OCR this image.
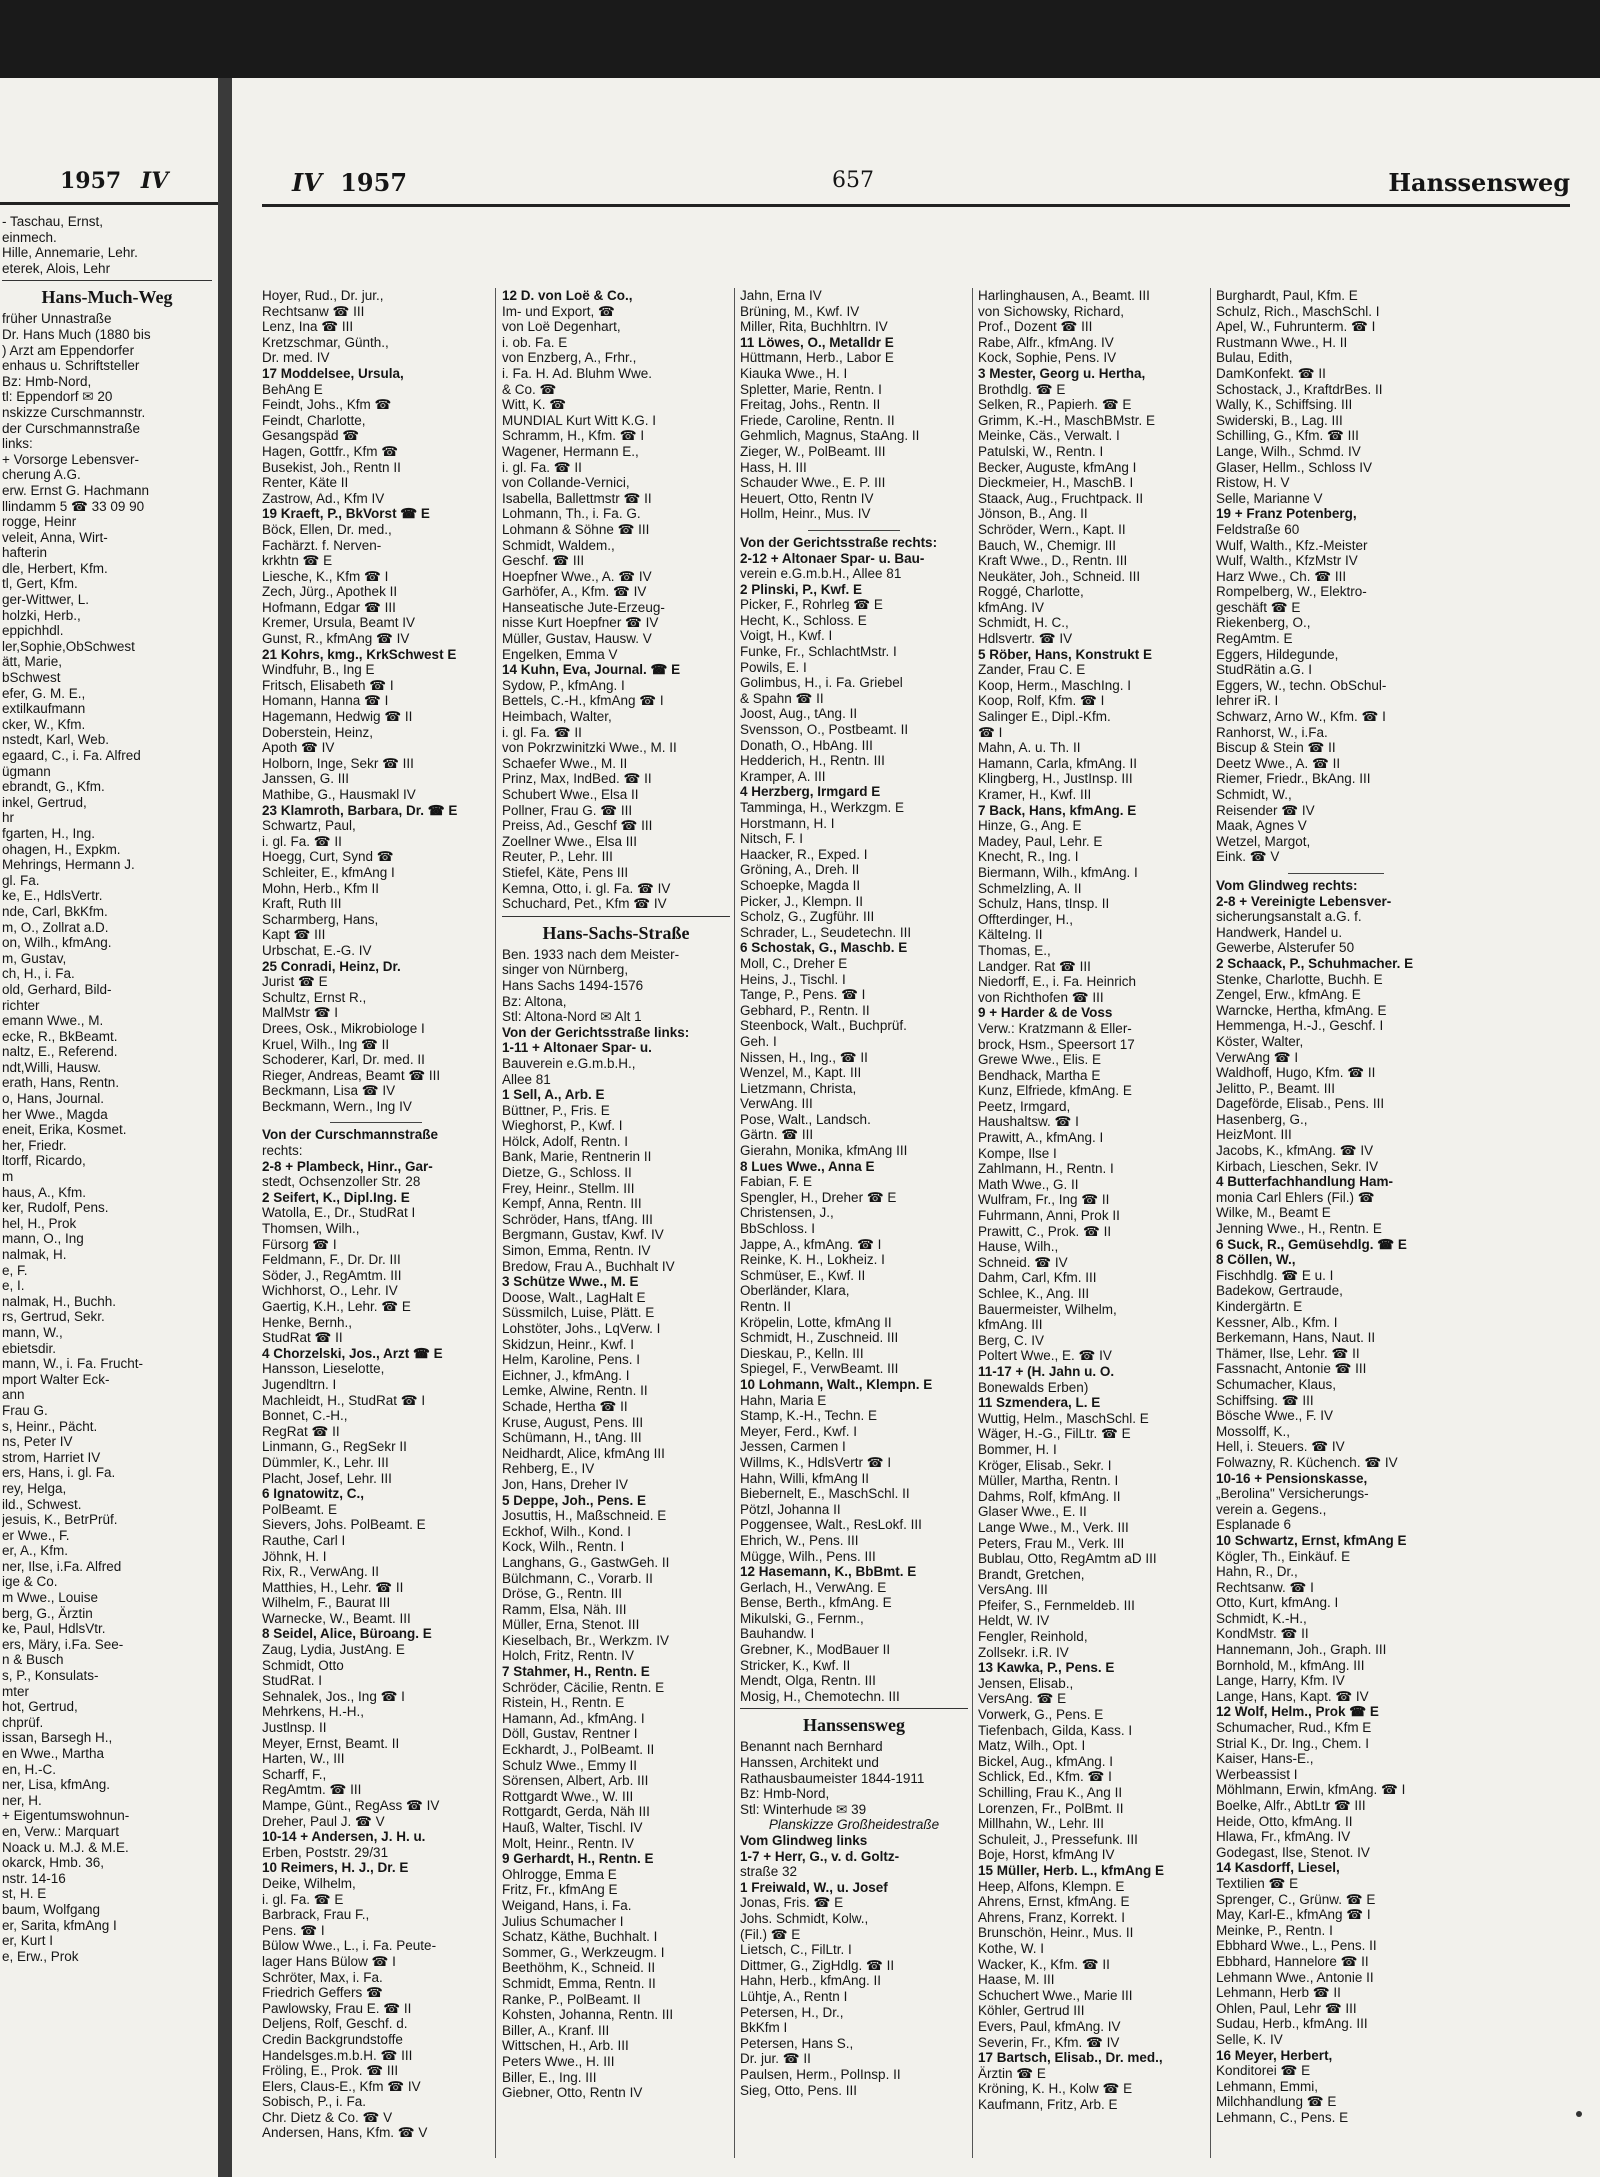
1957 IV
- Taschau, Ernst,
einmech.
Hille, Annemarie, Lehr.
eterek, Alois, Lehr
Hans-Much-Weg
früher Unnastraße
Dr. Hans Much (1880 bis
) Arzt am Eppendorfer
enhaus u. Schriftsteller
Bz: Hmb-Nord,
tl: Eppendorf ✉ 20
nskizze Curschmannstr.
der Curschmannstraße
links:
+ Vorsorge Lebensver-
cherung A.G.
erw. Ernst G. Hachmann
llindamm 5 ☎ 33 09 90
rogge, Heinr
veleit, Anna, Wirt-
hafterin
dle, Herbert, Kfm.
tl, Gert, Kfm.
ger-Wittwer, L.
holzki, Herb.,
eppichhdl.
ler,Sophie,ObSchwest
ätt, Marie,
bSchwest
efer, G. M. E.,
extilkaufmann
cker, W., Kfm.
nstedt, Karl, Web.
egaard, C., i. Fa. Alfred
ügmann
ebrandt, G., Kfm.
inkel, Gertrud,
hr
fgarten, H., Ing.
ohagen, H., Expkm.
Mehrings, Hermann J.
gl. Fa.
ke, E., HdlsVertr.
nde, Carl, BkKfm.
m, O., Zollrat a.D.
on, Wilh., kfmAng.
m, Gustav,
ch, H., i. Fa.
old, Gerhard, Bild-
richter
emann Wwe., M.
ecke, R., BkBeamt.
naltz, E., Referend.
ndt,Willi, Hausw.
erath, Hans, Rentn.
o, Hans, Journal.
her Wwe., Magda
eneit, Erika, Kosmet.
her, Friedr.
ltorff, Ricardo,
m
haus, A., Kfm.
ker, Rudolf, Pens.
hel, H., Prok
mann, O., Ing
nalmak, H.
e, F.
e, I.
nalmak, H., Buchh.
rs, Gertrud, Sekr.
mann, W.,
ebietsdir.
mann, W., i. Fa. Frucht-
mport Walter Eck-
ann
Frau G.
s, Heinr., Pächt.
ns, Peter IV
strom, Harriet IV
ers, Hans, i. gl. Fa.
rey, Helga,
ild., Schwest.
jesuis, K., BetrPrüf.
er Wwe., F.
er, A., Kfm.
ner, Ilse, i.Fa. Alfred
ige & Co.
m Wwe., Louise
berg, G., Ärztin
ke, Paul, HdlsVtr.
ers, Märy, i.Fa. See-
n & Busch
s, P., Konsulats-
mter
hot, Gertrud,
chprüf.
issan, Barsegh H.,
en Wwe., Martha
en, H.-C.
ner, Lisa, kfmAng.
ner, H.
+ Eigentumswohnun-
en, Verw.: Marquart
Noack u. M.J. & M.E.
okarck, Hmb. 36,
nstr. 14-16
st, H. E
baum, Wolfgang
er, Sarita, kfmAng I
er, Kurt I
e, Erw., Prok
IV 1957	657	Hanssensweg
Hoyer, Rud., Dr. jur.,
Rechtsanw ☎ III
Lenz, Ina ☎ III
Kretzschmar, Günth.,
Dr. med. IV
17 Moddelsee, Ursula,
BehAng E
Feindt, Johs., Kfm ☎
Feindt, Charlotte,
Gesangspäd ☎
Hagen, Gottfr., Kfm ☎
Busekist, Joh., Rentn II
Renter, Käte II
Zastrow, Ad., Kfm IV
19 Kraeft, P., BkVorst ☎ E
Böck, Ellen, Dr. med.,
Fachärzt. f. Nerven-
krkhtn ☎ E
Liesche, K., Kfm ☎ I
Zech, Jürg., Apothek II
Hofmann, Edgar ☎ III
Kremer, Ursula, Beamt IV
Gunst, R., kfmAng ☎ IV
21 Kohrs, kmg., KrkSchwest E
Windfuhr, B., Ing E
Fritsch, Elisabeth ☎ I
Homann, Hanna ☎ I
Hagemann, Hedwig ☎ II
Doberstein, Heinz,
Apoth ☎ IV
Holborn, Inge, Sekr ☎ III
Janssen, G. III
Mathibe, G., Hausmakl IV
23 Klamroth, Barbara, Dr. ☎ E
Schwartz, Paul,
i. gl. Fa. ☎ II
Hoegg, Curt, Synd ☎
Schleiter, E., kfmAng I
Mohn, Herb., Kfm II
Kraft, Ruth III
Scharmberg, Hans,
Kapt ☎ III
Urbschat, E.-G. IV
25 Conradi, Heinz, Dr.
Jurist ☎ E
Schultz, Ernst R.,
MalMstr ☎ I
Drees, Osk., Mikrobiologe I
Kruel, Wilh., Ing ☎ II
Schoderer, Karl, Dr. med. II
Rieger, Andreas, Beamt ☎ III
Beckmann, Lisa ☎ IV
Beckmann, Wern., Ing IV
Von der Curschmannstraße
rechts:
2-8 + Plambeck, Hinr., Gar-
stedt, Ochsenzoller Str. 28
2 Seifert, K., Dipl.Ing. E
Watolla, E., Dr., StudRat I
Thomsen, Wilh.,
Fürsorg ☎ I
Feldmann, F., Dr. Dr. III
Söder, J., RegAmtm. III
Wichhorst, O., Lehr. IV
Gaertig, K.H., Lehr. ☎ E
Henke, Bernh.,
StudRat ☎ II
4 Chorzelski, Jos., Arzt ☎ E
Hansson, Lieselotte,
Jugendltrn. I
Machleidt, H., StudRat ☎ I
Bonnet, C.-H.,
RegRat ☎ II
Linmann, G., RegSekr II
Dümmler, K., Lehr. III
Placht, Josef, Lehr. III
6 Ignatowitz, C.,
PolBeamt. E
Sievers, Johs. PolBeamt. E
Rauthe, Carl I
Jöhnk, H. I
Rix, R., VerwAng. II
Matthies, H., Lehr. ☎ II
Wilhelm, F., Baurat III
Warnecke, W., Beamt. III
8 Seidel, Alice, Büroang. E
Zaug, Lydia, JustAng. E
Schmidt, Otto
StudRat. I
Sehnalek, Jos., Ing ☎ I
Mehrkens, H.-H.,
Justlnsp. II
Meyer, Ernst, Beamt. II
Harten, W., III
Scharff, F.,
RegAmtm. ☎ III
Mampe, Günt., RegAss ☎ IV
Dreher, Paul J. ☎ V
10-14 + Andersen, J. H. u.
Erben, Poststr. 29/31
10 Reimers, H. J., Dr. E
Deike, Wilhelm,
i. gl. Fa. ☎ E
Barbrack, Frau F.,
Pens. ☎ I
Bülow Wwe., L., i. Fa. Peute-
lager Hans Bülow ☎ I
Schröter, Max, i. Fa.
Friedrich Geffers ☎
Pawlowsky, Frau E. ☎ II
Deljens, Rolf, Geschf. d.
Credin Backgrundstoffe
Handelsges.m.b.H. ☎ III
Fröling, E., Prok. ☎ III
Elers, Claus-E., Kfm ☎ IV
Sobisch, P., i. Fa.
Chr. Dietz & Co. ☎ V
Andersen, Hans, Kfm. ☎ V
12 D. von Loë & Co.,
Im- und Export, ☎
von Loë Degenhart,
i. ob. Fa. E
von Enzberg, A., Frhr.,
i. Fa. H. Ad. Bluhm Wwe.
& Co. ☎
Witt, K. ☎
MUNDIAL Kurt Witt K.G. I
Schramm, H., Kfm. ☎ I
Wagener, Hermann E.,
i. gl. Fa. ☎ II
von Collande-Vernici,
Isabella, Ballettmstr ☎ II
Lohmann, Th., i. Fa. G.
Lohmann & Söhne ☎ III
Schmidt, Waldem.,
Geschf. ☎ III
Hoepfner Wwe., A. ☎ IV
Garhöfer, A., Kfm. ☎ IV
Hanseatische Jute-Erzeug-
nisse Kurt Hoepfner ☎ IV
Müller, Gustav, Hausw. V
Engelken, Emma V
14 Kuhn, Eva, Journal. ☎ E
Sydow, P., kfmAng. I
Bettels, C.-H., kfmAng ☎ I
Heimbach, Walter,
i. gl. Fa. ☎ II
von Pokrzwinitzki Wwe., M. II
Schaefer Wwe., M. II
Prinz, Max, IndBed. ☎ II
Schubert Wwe., Elsa II
Pollner, Frau G. ☎ III
Preiss, Ad., Geschf ☎ III
Zoellner Wwe., Elsa III
Reuter, P., Lehr. III
Stiefel, Käte, Pens III
Kemna, Otto, i. gl. Fa. ☎ IV
Schuchard, Pet., Kfm ☎ IV
Hans-Sachs-Straße
Ben. 1933 nach dem Meister-
singer von Nürnberg,
Hans Sachs 1494-1576
Bz: Altona,
Stl: Altona-Nord ✉ Alt 1
Von der Gerichtsstraße links:
1-11 + Altonaer Spar- u.
Bauverein e.G.m.b.H.,
Allee 81
1 Sell, A., Arb. E
Büttner, P., Fris. E
Wieghorst, P., Kwf. I
Hölck, Adolf, Rentn. I
Bank, Marie, Rentnerin II
Dietze, G., Schloss. II
Frey, Heinr., Stellm. III
Kempf, Anna, Rentn. III
Schröder, Hans, tfAng. III
Bergmann, Gustav, Kwf. IV
Simon, Emma, Rentn. IV
Bredow, Frau A., Buchhalt IV
3 Schütze Wwe., M. E
Doose, Walt., LagHalt E
Süssmilch, Luise, Plätt. E
Lohstöter, Johs., LqVerw. I
Skidzun, Heinr., Kwf. I
Helm, Karoline, Pens. I
Eichner, J., kfmAng. I
Lemke, Alwine, Rentn. II
Schade, Hertha ☎ II
Kruse, August, Pens. III
Schümann, H., tAng. III
Neidhardt, Alice, kfmAng III
Rehberg, E., IV
Jon, Hans, Dreher IV
5 Deppe, Joh., Pens. E
Josuttis, H., Maßschneid. E
Eckhof, Wilh., Kond. I
Kock, Wilh., Rentn. I
Langhans, G., GastwGeh. II
Bülchmann, C., Vorarb. II
Dröse, G., Rentn. III
Ramm, Elsa, Näh. III
Müller, Erna, Stenot. III
Kieselbach, Br., Werkzm. IV
Holch, Fritz, Rentn. IV
7 Stahmer, H., Rentn. E
Schröder, Cäcilie, Rentn. E
Ristein, H., Rentn. E
Hamann, Ad., kfmAng. I
Döll, Gustav, Rentner I
Eckhardt, J., PolBeamt. II
Schulz Wwe., Emmy II
Sörensen, Albert, Arb. III
Rottgardt Wwe., W. III
Rottgardt, Gerda, Näh III
Hauß, Walter, Tischl. IV
Molt, Heinr., Rentn. IV
9 Gerhardt, H., Rentn. E
Ohlrogge, Emma E
Fritz, Fr., kfmAng E
Weigand, Hans, i. Fa.
Julius Schumacher I
Schatz, Käthe, Buchhalt. I
Sommer, G., Werkzeugm. I
Beethöhm, K., Schneid. II
Schmidt, Emma, Rentn. II
Ranke, P., PolBeamt. II
Kohsten, Johanna, Rentn. III
Biller, A., Kranf. III
Wittschen, H., Arb. III
Peters Wwe., H. III
Biller, E., Ing. III
Giebner, Otto, Rentn IV
Jahn, Erna IV
Brüning, M., Kwf. IV
Miller, Rita, Buchhltrn. IV
11 Löwes, O., Metalldr E
Hüttmann, Herb., Labor E
Kiauka Wwe., H. I
Spletter, Marie, Rentn. I
Freitag, Johs., Rentn. II
Friede, Caroline, Rentn. II
Gehmlich, Magnus, StaAng. II
Zieger, W., PolBeamt. III
Hass, H. III
Schauder Wwe., E. P. III
Heuert, Otto, Rentn IV
Hollm, Heinr., Mus. IV
Von der Gerichtsstraße rechts:
2-12 + Altonaer Spar- u. Bau-
verein e.G.m.b.H., Allee 81
2 Plinski, P., Kwf. E
Picker, F., Rohrleg ☎ E
Hecht, K., Schloss. E
Voigt, H., Kwf. I
Funke, Fr., SchlachtMstr. I
Powils, E. I
Golimbus, H., i. Fa. Griebel
& Spahn ☎ II
Joost, Aug., tAng. II
Svensson, O., Postbeamt. II
Donath, O., HbAng. III
Hedderich, H., Rentn. III
Kramper, A. III
4 Herzberg, Irmgard E
Tamminga, H., Werkzgm. E
Horstmann, H. I
Nitsch, F. I
Haacker, R., Exped. I
Gröning, A., Dreh. II
Schoepke, Magda II
Picker, J., Klempn. II
Scholz, G., Zugführ. III
Schrader, L., Seudetechn. III
6 Schostak, G., Maschb. E
Moll, C., Dreher E
Heins, J., Tischl. I
Tange, P., Pens. ☎ I
Gebhard, P., Rentn. II
Steenbock, Walt., Buchprüf.
Geh. I
Nissen, H., Ing., ☎ II
Wenzel, M., Kapt. III
Lietzmann, Christa,
VerwAng. III
Pose, Walt., Landsch.
Gärtn. ☎ III
Gierahn, Monika, kfmAng III
8 Lues Wwe., Anna E
Fabian, F. E
Spengler, H., Dreher ☎ E
Christensen, J.,
BbSchloss. I
Jappe, A., kfmAng. ☎ I
Reinke, K. H., Lokheiz. I
Schmüser, E., Kwf. II
Oberländer, Klara,
Rentn. II
Kröpelin, Lotte, kfmAng II
Schmidt, H., Zuschneid. III
Dieskau, P., Kelln. III
Spiegel, F., VerwBeamt. III
10 Lohmann, Walt., Klempn. E
Hahn, Maria E
Stamp, K.-H., Techn. E
Meyer, Ferd., Kwf. I
Jessen, Carmen I
Willms, K., HdlsVertr ☎ I
Hahn, Willi, kfmAng II
Biebernelt, E., MaschSchl. II
Pötzl, Johanna II
Poggensee, Walt., ResLokf. III
Ehrich, W., Pens. III
Mügge, Wilh., Pens. III
12 Hasemann, K., BbBmt. E
Gerlach, H., VerwAng. E
Bense, Berth., kfmAng. E
Mikulski, G., Fernm.,
Bauhandw. I
Grebner, K., ModBauer II
Stricker, K., Kwf. II
Mendt, Olga, Rentn. III
Mosig, H., Chemotechn. III
Hanssensweg
Benannt nach Bernhard
Hanssen, Architekt und
Rathausbaumeister 1844-1911
Bz: Hmb-Nord,
Stl: Winterhude ✉ 39
Planskizze Großheidestraße
Vom Glindweg links
1-7 + Herr, G., v. d. Goltz-
straße 32
1 Freiwald, W., u. Josef
Jonas, Fris. ☎ E
Johs. Schmidt, Kolw.,
(Fil.) ☎ E
Lietsch, C., FilLtr. I
Dittmer, G., ZigHdlg. ☎ II
Hahn, Herb., kfmAng. II
Lühtje, A., Rentn I
Petersen, H., Dr.,
BkKfm I
Petersen, Hans S.,
Dr. jur. ☎ II
Paulsen, Herm., PolInsp. II
Sieg, Otto, Pens. III
Harlinghausen, A., Beamt. III
von Sichowsky, Richard,
Prof., Dozent ☎ III
Rabe, Alfr., kfmAng. IV
Kock, Sophie, Pens. IV
3 Mester, Georg u. Hertha,
Brothdlg. ☎ E
Selken, R., Papierh. ☎ E
Grimm, K.-H., MaschBMstr. E
Meinke, Cäs., Verwalt. I
Patulski, W., Rentn. I
Becker, Auguste, kfmAng I
Dieckmeier, H., MaschB. I
Staack, Aug., Fruchtpack. II
Jönson, B., Ang. II
Schröder, Wern., Kapt. II
Bauch, W., Chemigr. III
Kraft Wwe., D., Rentn. III
Neukäter, Joh., Schneid. III
Roggé, Charlotte,
kfmAng. IV
Schmidt, H. C.,
Hdlsvertr. ☎ IV
5 Röber, Hans, Konstrukt E
Zander, Frau C. E
Koop, Herm., MaschIng. I
Koop, Rolf, Kfm. ☎ I
Salinger E., Dipl.-Kfm.
☎ I
Mahn, A. u. Th. II
Hamann, Carla, kfmAng. II
Klingberg, H., JustInsp. III
Kramer, H., Kwf. III
7 Back, Hans, kfmAng. E
Hinze, G., Ang. E
Madey, Paul, Lehr. E
Knecht, R., Ing. I
Biermann, Wilh., kfmAng. I
Schmelzling, A. II
Schulz, Hans, tInsp. II
Offterdinger, H.,
KälteIng. II
Thomas, E.,
Landger. Rat ☎ III
Niedorff, E., i. Fa. Heinrich
von Richthofen ☎ III
9 + Harder & de Voss
Verw.: Kratzmann & Eller-
brock, Hsm., Speersort 17
Grewe Wwe., Elis. E
Bendhack, Martha E
Kunz, Elfriede, kfmAng. E
Peetz, Irmgard,
Haushaltsw. ☎ I
Prawitt, A., kfmAng. I
Kompe, Ilse I
Zahlmann, H., Rentn. I
Math Wwe., G. II
Wulfram, Fr., Ing ☎ II
Fuhrmann, Anni, Prok II
Prawitt, C., Prok. ☎ II
Hause, Wilh.,
Schneid. ☎ IV
Dahm, Carl, Kfm. III
Schlee, K., Ang. III
Bauermeister, Wilhelm,
kfmAng. III
Berg, C. IV
Poltert Wwe., E. ☎ IV
11-17 + (H. Jahn u. O.
Bonewalds Erben)
11 Szmendera, L. E
Wuttig, Helm., MaschSchl. E
Wäger, H.-G., FilLtr. ☎ E
Bommer, H. I
Kröger, Elisab., Sekr. I
Müller, Martha, Rentn. I
Dahms, Rolf, kfmAng. II
Glaser Wwe., E. II
Lange Wwe., M., Verk. III
Peters, Frau M., Verk. III
Bublau, Otto, RegAmtm aD III
Brandt, Gretchen,
VersAng. III
Pfeifer, S., Fernmeldeb. III
Heldt, W. IV
Fengler, Reinhold,
Zollsekr. i.R. IV
13 Kawka, P., Pens. E
Jensen, Elisab.,
VersAng. ☎ E
Vorwerk, G., Pens. E
Tiefenbach, Gilda, Kass. I
Matz, Wilh., Opt. I
Bickel, Aug., kfmAng. I
Schlick, Ed., Kfm. ☎ I
Schilling, Frau K., Ang II
Lorenzen, Fr., PolBmt. II
Millhahn, W., Lehr. III
Schuleit, J., Pressefunk. III
Boje, Horst, kfmAng IV
15 Müller, Herb. L., kfmAng E
Heep, Alfons, Klempn. E
Ahrens, Ernst, kfmAng. E
Ahrens, Franz, Korrekt. I
Brunschön, Heinr., Mus. II
Kothe, W. I
Wacker, K., Kfm. ☎ II
Haase, M. III
Schuchert Wwe., Marie III
Köhler, Gertrud III
Evers, Paul, kfmAng. IV
Severin, Fr., Kfm. ☎ IV
17 Bartsch, Elisab., Dr. med.,
Ärztin ☎ E
Kröning, K. H., Kolw ☎ E
Kaufmann, Fritz, Arb. E
Burghardt, Paul, Kfm. E
Schulz, Rich., MaschSchl. I
Apel, W., Fuhrunterm. ☎ I
Rustmann Wwe., H. II
Bulau, Edith,
DamKonfekt. ☎ II
Schostack, J., KraftdrBes. II
Wally, K., Schiffsing. III
Swiderski, B., Lag. III
Schilling, G., Kfm. ☎ III
Lange, Wilh., Schmd. IV
Glaser, Hellm., Schloss IV
Ristow, H. V
Selle, Marianne V
19 + Franz Potenberg,
Feldstraße 60
Wulf, Walth., Kfz.-Meister
Wulf, Walth., KfzMstr IV
Harz Wwe., Ch. ☎ III
Rompelberg, W., Elektro-
geschäft ☎ E
Riekenberg, O.,
RegAmtm. E
Eggers, Hildegunde,
StudRätin a.G. I
Eggers, W., techn. ObSchul-
lehrer iR. I
Schwarz, Arno W., Kfm. ☎ I
Ranhorst, W., i.Fa.
Biscup & Stein ☎ II
Deetz Wwe., A. ☎ II
Riemer, Friedr., BkAng. III
Schmidt, W.,
Reisender ☎ IV
Maak, Agnes V
Wetzel, Margot,
Eink. ☎ V
Vom Glindweg rechts:
2-8 + Vereinigte Lebensver-
sicherungsanstalt a.G. f.
Handwerk, Handel u.
Gewerbe, Alsterufer 50
2 Schaack, P., Schuhmacher. E
Stenke, Charlotte, Buchh. E
Zengel, Erw., kfmAng. E
Warncke, Hertha, kfmAng. E
Hemmenga, H.-J., Geschf. I
Köster, Walter,
VerwAng ☎ I
Waldhoff, Hugo, Kfm. ☎ II
Jelitto, P., Beamt. III
Dageförde, Elisab., Pens. III
Hasenberg, G.,
HeizMont. III
Jacobs, K., kfmAng. ☎ IV
Kirbach, Lieschen, Sekr. IV
4 Butterfachhandlung Ham-
monia Carl Ehlers (Fil.) ☎
Wilke, M., Beamt E
Jenning Wwe., H., Rentn. E
6 Suck, R., Gemüsehdlg. ☎ E
8 Cöllen, W.,
Fischhdlg. ☎ E u. I
Badekow, Gertraude,
Kindergärtn. E
Kessner, Alb., Kfm. I
Berkemann, Hans, Naut. II
Thämer, Ilse, Lehr. ☎ II
Fassnacht, Antonie ☎ III
Schumacher, Klaus,
Schiffsing. ☎ III
Bösche Wwe., F. IV
Mossolff, K.,
Hell, i. Steuers. ☎ IV
Folwazny, R. Küchench. ☎ IV
10-16 + Pensionskasse,
„Berolina" Versicherungs-
verein a. Gegens.,
Esplanade 6
10 Schwartz, Ernst, kfmAng E
Kögler, Th., Einkäuf. E
Hahn, R., Dr.,
Rechtsanw. ☎ I
Otto, Kurt, kfmAng. I
Schmidt, K.-H.,
KondMstr. ☎ II
Hannemann, Joh., Graph. III
Bornhold, M., kfmAng. III
Lange, Harry, Kfm. IV
Lange, Hans, Kapt. ☎ IV
12 Wolf, Helm., Prok ☎ E
Schumacher, Rud., Kfm E
Strial K., Dr. Ing., Chem. I
Kaiser, Hans-E.,
Werbeassist I
Möhlmann, Erwin, kfmAng. ☎ I
Boelke, Alfr., AbtLtr ☎ III
Heide, Otto, kfmAng. II
Hlawa, Fr., kfmAng. IV
Godegast, Ilse, Stenot. IV
14 Kasdorff, Liesel,
Textilien ☎ E
Sprenger, C., Grünw. ☎ E
May, Karl-E., kfmAng ☎ I
Meinke, P., Rentn. I
Ebbhard Wwe., L., Pens. II
Ebbhard, Hannelore ☎ II
Lehmann Wwe., Antonie II
Lehmann, Herb ☎ II
Ohlen, Paul, Lehr ☎ III
Sudau, Herb., kfmAng. III
Selle, K. IV
16 Meyer, Herbert,
Konditorei ☎ E
Lehmann, Emmi,
Milchhandlung ☎ E
Lehmann, C., Pens. E
